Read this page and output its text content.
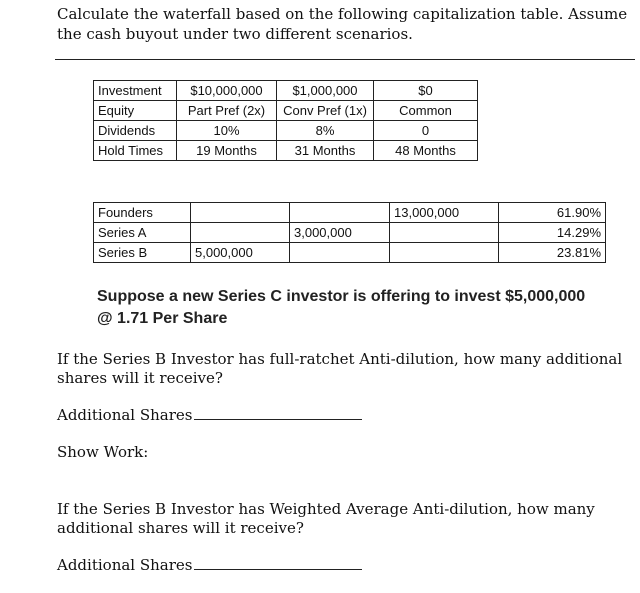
Calculate the waterfall based on the following capitalization table. Assume the cash buyout under two different scenarios.
Investment	$10,000,000	$1,000,000	$0
Equity	Part Pref (2x)	Conv Pref (1x)	Common
Dividends	10%	8%	0
Hold Times	19 Months	31 Months	48 Months
Founders			13,000,000	61.90%
Series A		3,000,000		14.29%
Series B	5,000,000			23.81%
Suppose a new Series C investor is offering to invest $5,000,000
@ 1.71 Per Share
If the Series B Investor has full-ratchet Anti-dilution, how many additional shares will it receive?
Additional Shares
Show Work:
If the Series B Investor has Weighted Average Anti-dilution, how many additional shares will it receive?
Additional Shares
